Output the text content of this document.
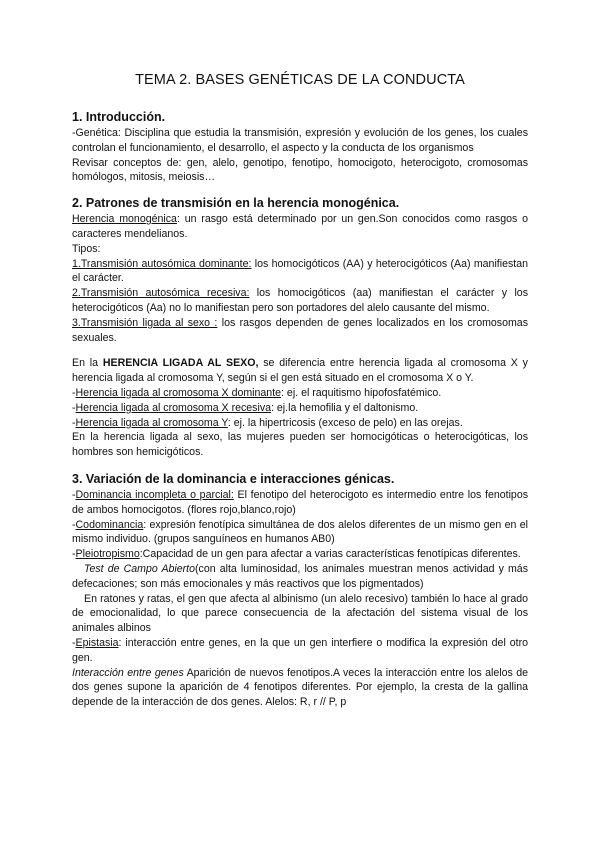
TEMA 2. BASES GENÉTICAS DE LA CONDUCTA
1. Introducción.

-Genética: Disciplina que estudia la transmisión, expresión y evolución de los genes, los cuales controlan el funcionamiento, el desarrollo, el aspecto y la conducta de los organismos

Revisar conceptos de: gen, alelo, genotipo, fenotipo, homocigoto, heterocigoto, cromosomas homólogos, mitosis, meiosis…

2. Patrones de transmisión en la herencia monogénica.

Herencia monogénica: un rasgo está determinado por un gen.Son conocidos como rasgos o caracteres mendelianos.

Tipos:

1.Transmisión autosómica dominante: los homocigóticos (AA) y heterocigóticos (Aa) manifiestan el carácter.

2.Transmisión autosómica recesiva: los homocigóticos (aa) manifiestan el carácter y los heterocigóticos (Aa) no lo manifiestan pero son portadores del alelo causante del mismo.

3.Transmisión ligada al sexo : los rasgos dependen de genes localizados en los cromosomas sexuales.

En la HERENCIA LIGADA AL SEXO, se diferencia entre herencia ligada al cromosoma X y herencia ligada al cromosoma Y, según si el gen está situado en el cromosoma X o Y.

-Herencia ligada al cromosoma X dominante: ej. el raquitismo hipofosfatémico.

-Herencia ligada al cromosoma X recesiva: ej.la hemofilia y el daltonismo.

-Herencia ligada al cromosoma Y: ej. la hipertricosis (exceso de pelo) en las orejas.

En la herencia ligada al sexo, las mujeres pueden ser homocigóticas o heterocigóticas, los hombres son hemicigóticos.

3. Variación de la dominancia e interacciones génicas.

-Dominancia incompleta o parcial: El fenotipo del heterocigoto es intermedio entre los fenotipos de ambos homocigotos. (flores rojo,blanco,rojo)

-Codominancia: expresión fenotípica simultánea de dos alelos diferentes de un mismo gen en el mismo individuo. (grupos sanguíneos en humanos AB0)

-Pleiotropismo:Capacidad de un gen para afectar a varias características fenotípicas diferentes.

Test de Campo Abierto(con alta luminosidad, los animales muestran menos actividad y más defecaciones; son más emocionales y más reactivos que los pigmentados)

En ratones y ratas, el gen que afecta al albinismo (un alelo recesivo) también lo hace al grado de emocionalidad, lo que parece consecuencia de la afectación del sistema visual de los animales albinos

-Epistasia: interacción entre genes, en la que un gen interfiere o modifica la expresión del otro gen.

Interacción entre genes Aparición de nuevos fenotipos.A veces la interacción entre los alelos de dos genes supone la aparición de 4 fenotipos diferentes. Por ejemplo, la cresta de la gallina depende de la interacción de dos genes. Alelos: R, r // P, p
